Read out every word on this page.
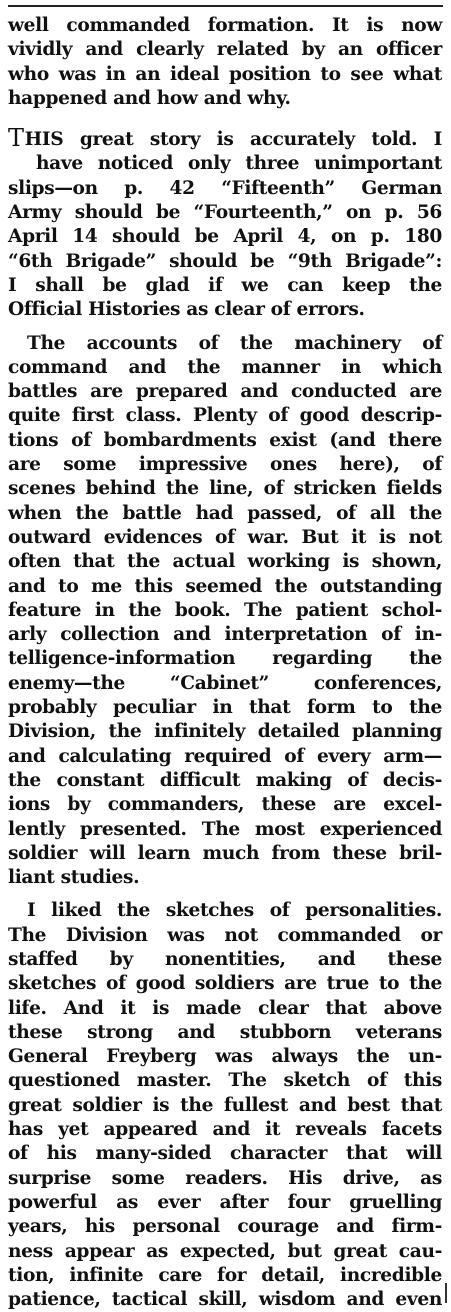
well commanded formation. It is now
vividly and clearly related by an officer
who was in an ideal position to see what
happened and how and why.

THIS great story is accurately told. I
have noticed only three unimportant
slips—on p. 42 “Fifteenth” German
Army should be “Fourteenth,” on p. 56
April 14 should be April 4, on p. 180
“6th Brigade” should be “9th Brigade”:
I shall be glad if we can keep the
Official Histories as clear of errors.

The accounts of the machinery of
command and the manner in which
battles are prepared and conducted are
quite first class. Plenty of good descrip-
tions of bombardments exist (and there
are some impressive ones here), of
scenes behind the line, of stricken fields
when the battle had passed, of all the
outward evidences of war. But it is not
often that the actual working is shown,
and to me this seemed the outstanding
feature in the book. The patient schol-
arly collection and interpretation of in-
telligence-information regarding the
enemy—the “Cabinet” conferences,
probably peculiar in that form to the
Division, the infinitely detailed planning
and calculating required of every arm—
the constant difficult making of decis-
ions by commanders, these are excel-
lently presented. The most experienced
soldier will learn much from these bril-
liant studies.

I liked the sketches of personalities.
The Division was not commanded or
staffed by nonentities, and these
sketches of good soldiers are true to the
life. And it is made clear that above
these strong and stubborn veterans
General Freyberg was always the un-
questioned master. The sketch of this
great soldier is the fullest and best that
has yet appeared and it reveals facets
of his many-sided character that will
surprise some readers. His drive, as
powerful as ever after four gruelling
years, his personal courage and firm-
ness appear as expected, but great cau-
tion, infinite care for detail, incredible
patience, tactical skill, wisdom and even
